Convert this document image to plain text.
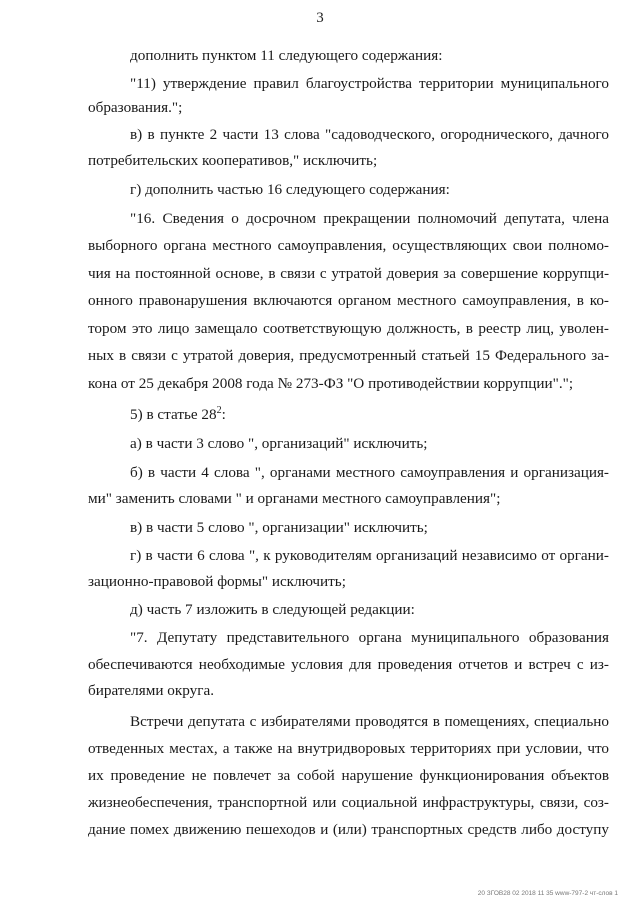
3

дополнить пунктом 11 следующего содержания:

"11) утверждение правил благоустройства территории муниципального

образования.";

в) в пункте 2 части 13 слова "садоводческого, огороднического, дачного

потребительских кооперативов," исключить;

г) дополнить частью 16 следующего содержания:

"16. Сведения о досрочном прекращении полномочий депутата, члена

выборного органа местного самоуправления, осуществляющих свои полномо-

чия на постоянной основе, в связи с утратой доверия за совершение коррупци-

онного правонарушения включаются органом местного самоуправления, в ко-

тором это лицо замещало соответствующую должность, в реестр лиц, уволен-

ных в связи с утратой доверия, предусмотренный статьей 15 Федерального за-

кона от 25 декабря 2008 года № 273-ФЗ "О противодействии коррупции".";

5) в статье $28^2$:

а) в части 3 слово ", организаций" исключить;

б) в части 4 слова ", органами местного самоуправления и организация-

ми" заменить словами " и органами местного самоуправления";

в) в части 5 слово ", организации" исключить;

г) в части 6 слова ", к руководителям организаций независимо от органи-

зационно-правовой формы" исключить;

д) часть 7 изложить в следующей редакции:

"7. Депутату представительного органа муниципального образования

обеспечиваются необходимые условия для проведения отчетов и встреч с из-

бирателями округа.

Встречи депутата с избирателями проводятся в помещениях, специально

отведенных местах, а также на внутридворовых территориях при условии, что

их проведение не повлечет за собой нарушение функционирования объектов

жизнеобеспечения, транспортной или социальной инфраструктуры, связи, соз-

дание помех движению пешеходов и (или) транспортных средств либо доступу

20 ЗГОВ28 02 2018 11 35 www-797-2 чт-слов 1
